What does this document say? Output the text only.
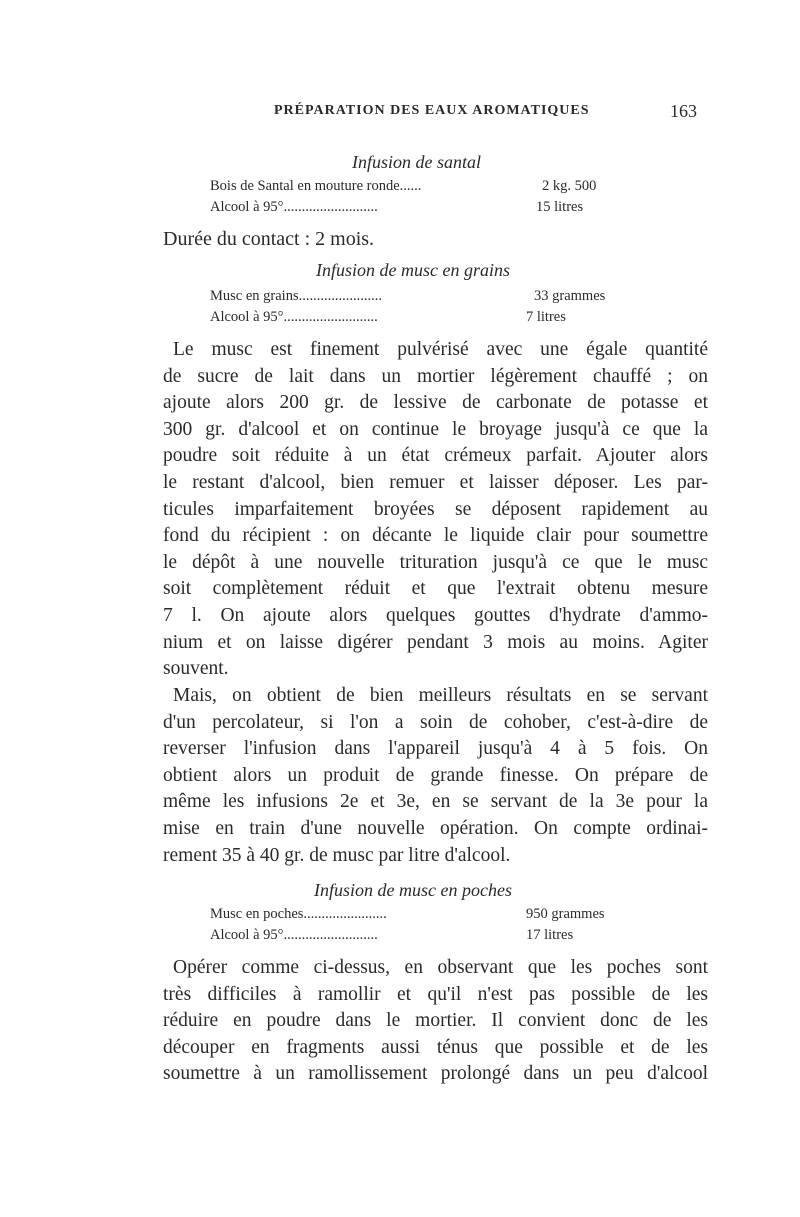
PRÉPARATION DES EAUX AROMATIQUES	163
Infusion de santal
Bois de Santal en mouture ronde......	2 kg. 500
Alcool à 95°..........................	15 litres
Durée du contact : 2 mois.
Infusion de musc en grains
Musc en grains.......................	33 grammes
Alcool à 95°..........................	7 litres
Le musc est finement pulvérisé avec une égale quantité
de sucre de lait dans un mortier légèrement chauffé ; on
ajoute alors 200 gr. de lessive de carbonate de potasse et
300 gr. d'alcool et on continue le broyage jusqu'à ce que la
poudre soit réduite à un état crémeux parfait. Ajouter alors
le restant d'alcool, bien remuer et laisser déposer. Les par-
ticules imparfaitement broyées se déposent rapidement au
fond du récipient : on décante le liquide clair pour soumettre
le dépôt à une nouvelle trituration jusqu'à ce que le musc
soit complètement réduit et que l'extrait obtenu mesure
7 l. On ajoute alors quelques gouttes d'hydrate d'ammo-
nium et on laisse digérer pendant 3 mois au moins. Agiter
souvent.
Mais, on obtient de bien meilleurs résultats en se servant
d'un percolateur, si l'on a soin de cohober, c'est-à-dire de
reverser l'infusion dans l'appareil jusqu'à 4 à 5 fois. On
obtient alors un produit de grande finesse. On prépare de
même les infusions 2e et 3e, en se servant de la 3e pour la
mise en train d'une nouvelle opération. On compte ordinai-
rement 35 à 40 gr. de musc par litre d'alcool.
Infusion de musc en poches
Musc en poches.......................	950 grammes
Alcool à 95°..........................	17 litres
Opérer comme ci-dessus, en observant que les poches sont
très difficiles à ramollir et qu'il n'est pas possible de les
réduire en poudre dans le mortier. Il convient donc de les
découper en fragments aussi ténus que possible et de les
soumettre à un ramollissement prolongé dans un peu d'alcool
